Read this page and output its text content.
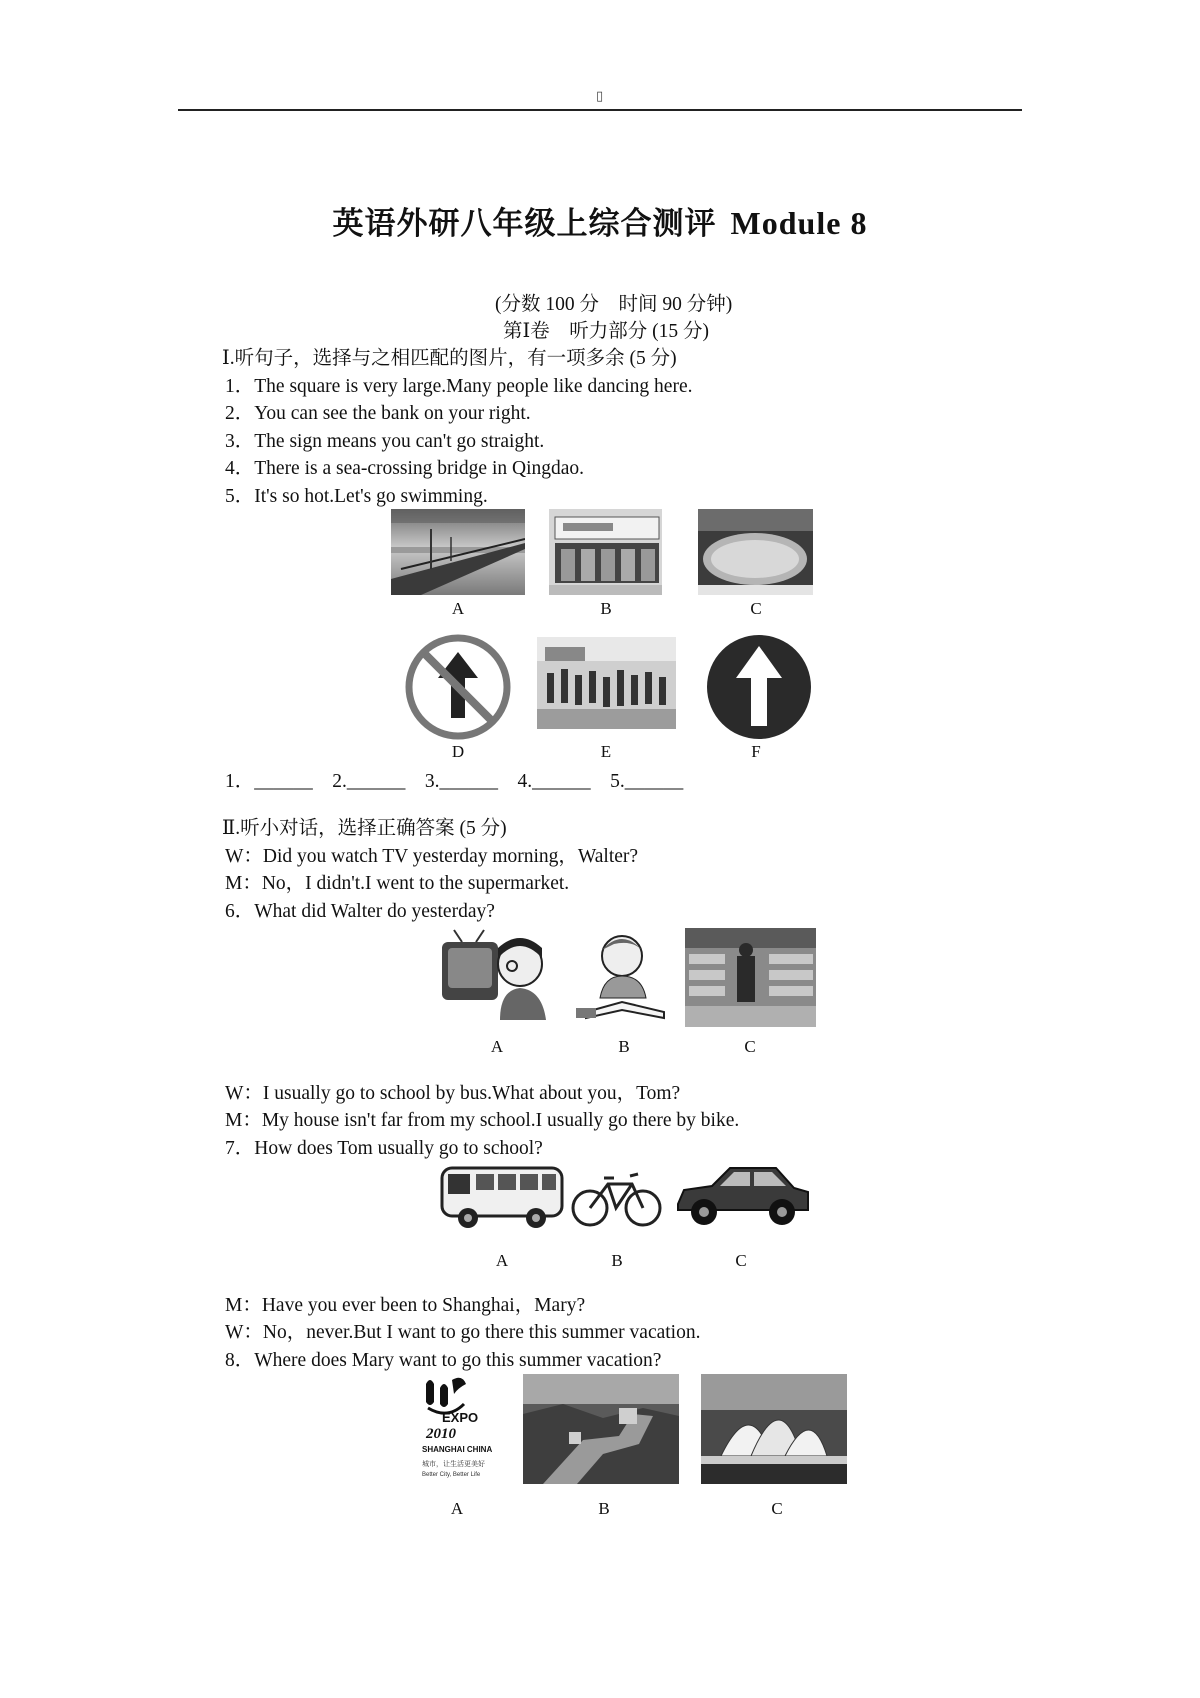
▯
英语外研八年级上综合测评 Module 8
(分数 100 分　时间 90 分钟)
第Ⅰ卷　听力部分 (15 分)
Ⅰ.听句子，选择与之相匹配的图片，有一项多余 (5 分)
1．The square is very large.Many people like dancing here.
2．You can see the bank on your right.
3．The sign means you can't go straight.
4．There is a sea-crossing bridge in Qingdao.
5．It's so hot.Let's go swimming.
A	B	C
D	E	F
1．______　2.______　3.______　4.______　5.______
Ⅱ.听小对话，选择正确答案 (5 分)
W：Did you watch TV yesterday morning，Walter?
M：No，I didn't.I went to the supermarket.
6．What did Walter do yesterday?
A	B	C
W：I usually go to school by bus.What about you，Tom?
M：My house isn't far from my school.I usually go there by bike.
7．How does Tom usually go to school?
A	B	C
M：Have you ever been to Shanghai，Mary?
W：No，never.But I want to go there this summer vacation.
8．Where does Mary want to go this summer vacation?
EXPO
2010
SHANGHAI CHINA
城市，让生活更美好
Better City, Better Life
A	B	C
